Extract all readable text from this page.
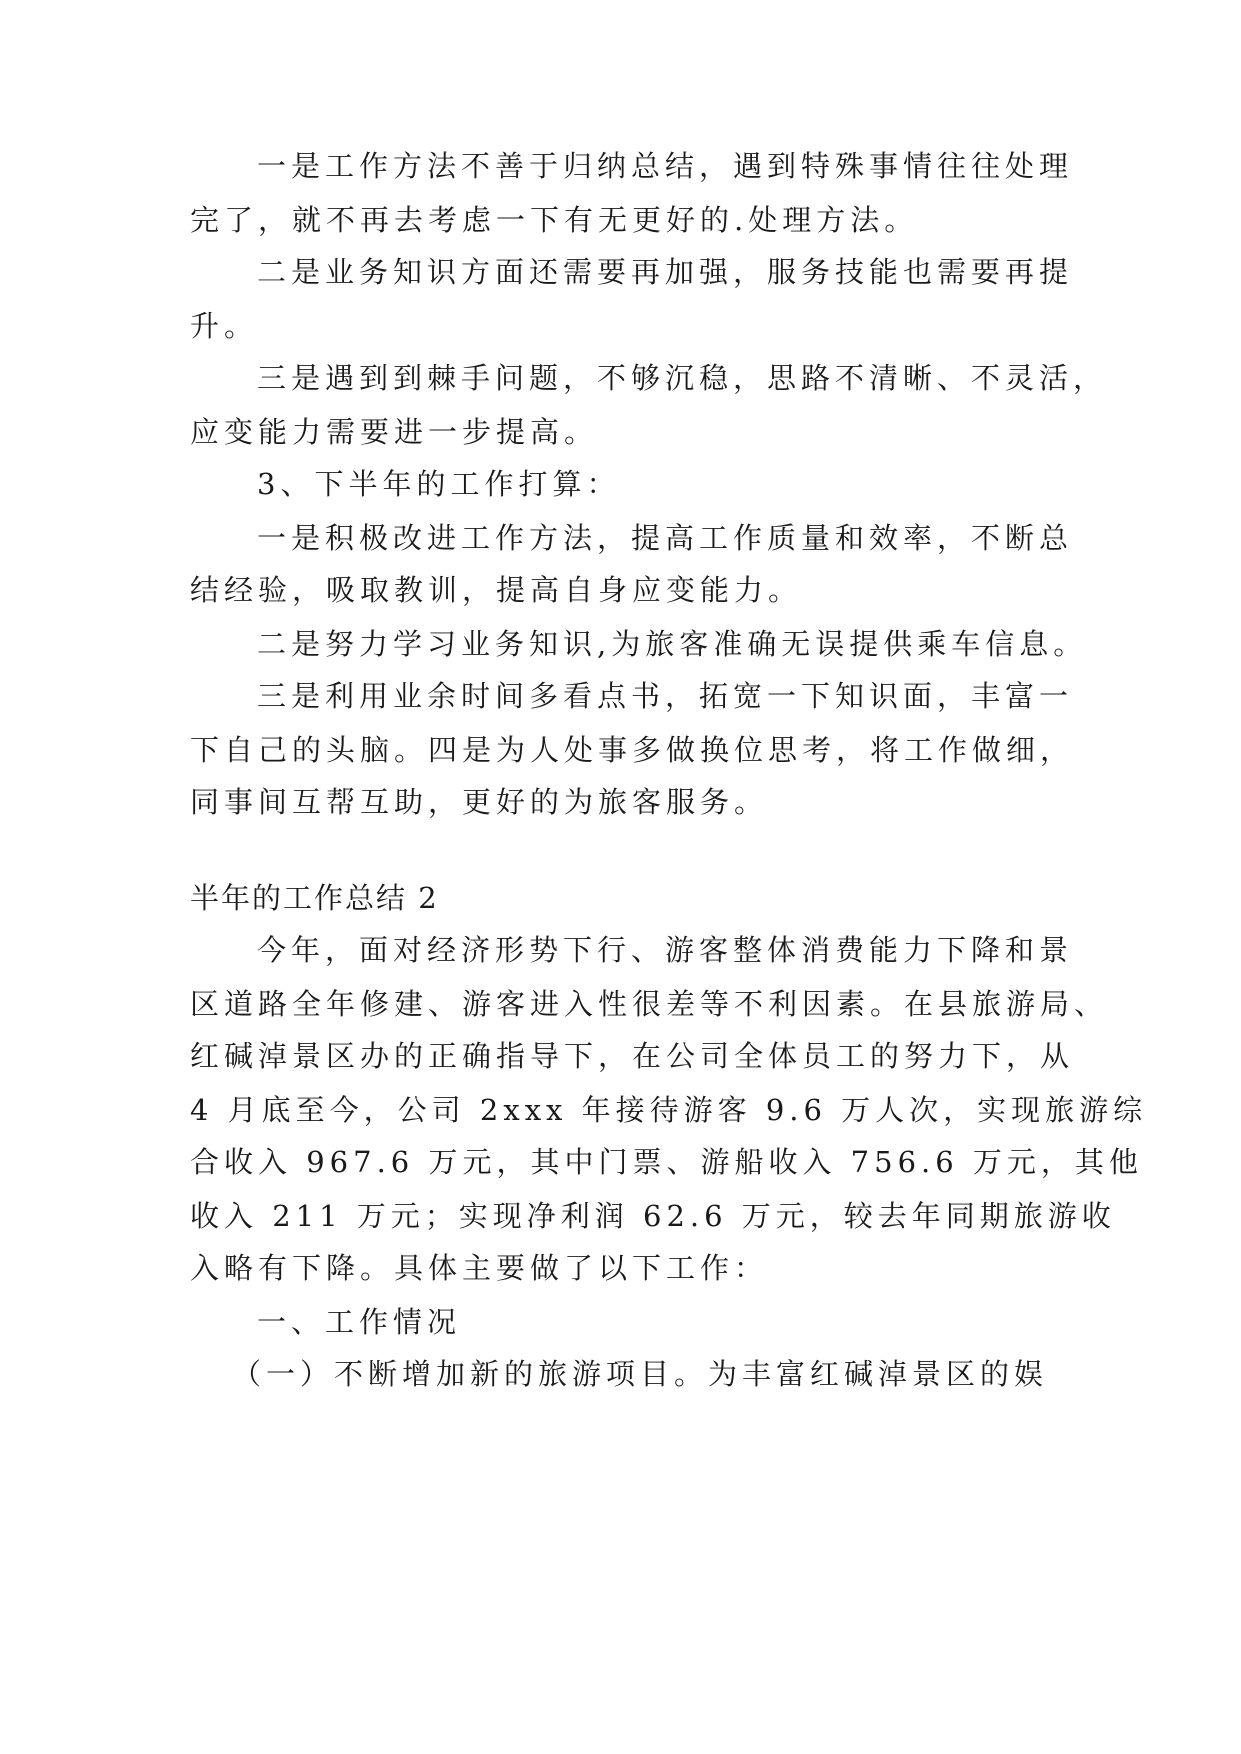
一是工作方法不善于归纳总结，遇到特殊事情往往处理
完了，就不再去考虑一下有无更好的.处理方法。
二是业务知识方面还需要再加强，服务技能也需要再提
升。
三是遇到到棘手问题，不够沉稳，思路不清晰、不灵活，
应变能力需要进一步提高。
3、下半年的工作打算：
一是积极改进工作方法，提高工作质量和效率，不断总
结经验，吸取教训，提高自身应变能力。
二是努力学习业务知识,为旅客准确无误提供乘车信息。
三是利用业余时间多看点书，拓宽一下知识面，丰富一
下自己的头脑。四是为人处事多做换位思考，将工作做细，
同事间互帮互助，更好的为旅客服务。
半年的工作总结 2
今年，面对经济形势下行、游客整体消费能力下降和景
区道路全年修建、游客进入性很差等不利因素。在县旅游局、
红碱淖景区办的正确指导下，在公司全体员工的努力下，从
4 月底至今，公司 2xxx 年接待游客 9.6 万人次，实现旅游综
合收入 967.6 万元，其中门票、游船收入 756.6 万元，其他
收入 211 万元；实现净利润 62.6 万元，较去年同期旅游收
入略有下降。具体主要做了以下工作：
一、工作情况
（一）不断增加新的旅游项目。为丰富红碱淖景区的娱
